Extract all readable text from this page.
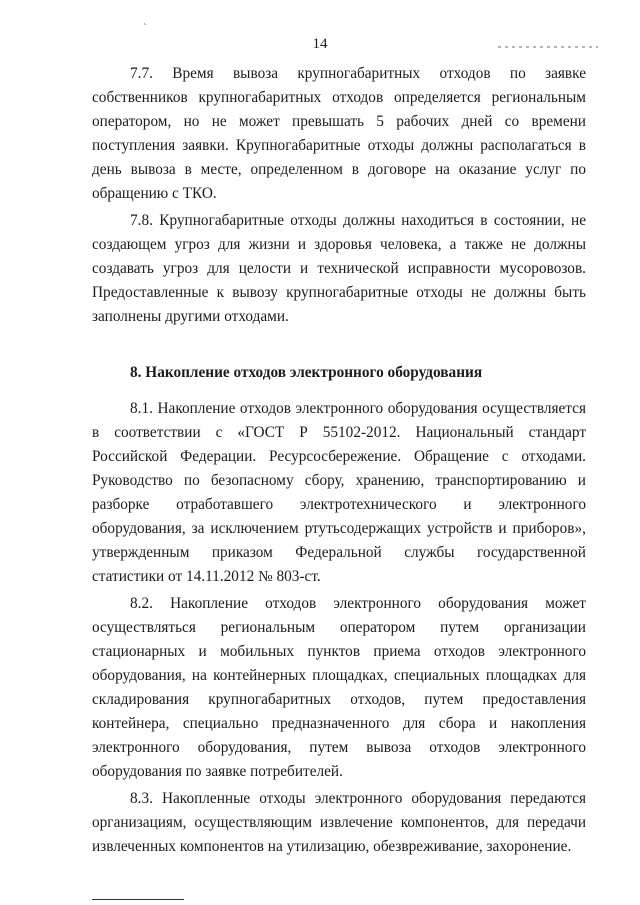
ˋ
14

7.7. Время вывоза крупногабаритных отходов по заявке собственников крупногабаритных отходов определяется региональным оператором, но не может превышать 5 рабочих дней со времени поступления заявки. Крупногабаритные отходы должны располагаться в день вывоза в месте, определенном в договоре на оказание услуг по обращению с ТКО.

7.8. Крупногабаритные отходы должны находиться в состоянии, не создающем угроз для жизни и здоровья человека, а также не должны создавать угроз для целости и технической исправности мусоровозов. Предоставленные к вывозу крупногабаритные отходы не должны быть заполнены другими отходами.

8. Накопление отходов электронного оборудования

8.1. Накопление отходов электронного оборудования осуществляется в соответствии с «ГОСТ Р 55102-2012. Национальный стандарт Российской Федерации. Ресурсосбережение. Обращение с отходами. Руководство по безопасному сбору, хранению, транспортированию и разборке отработавшего электротехнического и электронного оборудования, за исключением ртутьсодержащих устройств и приборов», утвержденным приказом Федеральной службы государственной статистики от 14.11.2012 № 803-ст.

8.2. Накопление отходов электронного оборудования может осуществляться региональным оператором путем организации стационарных и мобильных пунктов приема отходов электронного оборудования, на контейнерных площадках, специальных площадках для складирования крупногабаритных отходов, путем предоставления контейнера, специально предназначенного для сбора и накопления электронного оборудования, путем вывоза отходов электронного оборудования по заявке потребителей.

8.3. Накопленные отходы электронного оборудования передаются организациям, осуществляющим извлечение компонентов, для передачи извлеченных компонентов на утилизацию, обезвреживание, захоронение.
